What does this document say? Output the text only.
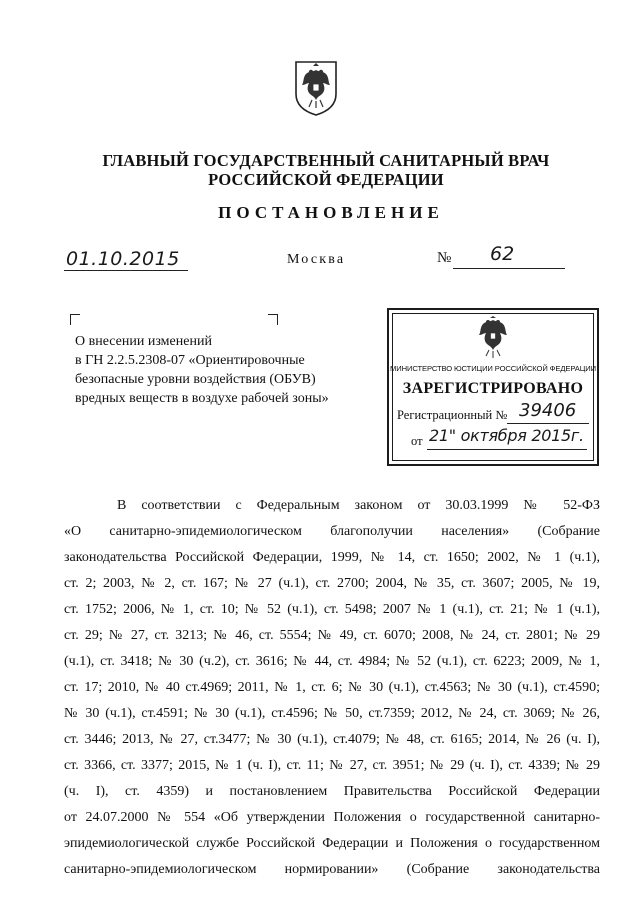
ГЛАВНЫЙ ГОСУДАРСТВЕННЫЙ САНИТАРНЫЙ ВРАЧ
РОССИЙСКОЙ ФЕДЕРАЦИИ
ПОСТАНОВЛЕНИЕ
01.10.2015	Москва	№ 62
О внесении изменений
в ГН 2.2.5.2308-07 «Ориентировочные
безопасные уровни воздействия (ОБУВ)
вредных веществ в воздухе рабочей зоны»
МИНИСТЕРСТВО ЮСТИЦИИ РОССИЙСКОЙ ФЕДЕРАЦИИ
ЗАРЕГИСТРИРОВАНО
Регистрационный № 39406
от 21" октября 2015г.
В соответствии с Федеральным законом от 30.03.1999 № 52-ФЗ
«О санитарно-эпидемиологическом благополучии населения» (Собрание
законодательства Российской Федерации, 1999, № 14, ст. 1650; 2002, № 1 (ч.1),
ст. 2; 2003, № 2, ст. 167; № 27 (ч.1), ст. 2700; 2004, № 35, ст. 3607; 2005, № 19,
ст. 1752; 2006, № 1, ст. 10; № 52 (ч.1), ст. 5498; 2007 № 1 (ч.1), ст. 21; № 1 (ч.1),
ст. 29; № 27, ст. 3213; № 46, ст. 5554; № 49, ст. 6070; 2008, № 24, ст. 2801; № 29
(ч.1), ст. 3418; № 30 (ч.2), ст. 3616; № 44, ст. 4984; № 52 (ч.1), ст. 6223; 2009, № 1,
ст. 17; 2010, № 40 ст.4969; 2011, № 1, ст. 6; № 30 (ч.1), ст.4563; № 30 (ч.1), ст.4590;
№ 30 (ч.1), ст.4591; № 30 (ч.1), ст.4596; № 50, ст.7359; 2012, № 24, ст. 3069; № 26,
ст. 3446; 2013, № 27, ст.3477; № 30 (ч.1), ст.4079; № 48, ст. 6165; 2014, № 26 (ч. I),
ст. 3366, ст. 3377; 2015, № 1 (ч. I), ст. 11; № 27, ст. 3951; № 29 (ч. I), ст. 4339; № 29
(ч. I), ст. 4359) и постановлением Правительства Российской Федерации
от 24.07.2000 № 554 «Об утверждении Положения о государственной санитарно-
эпидемиологической службе Российской Федерации и Положения о государственном
санитарно-эпидемиологическом нормировании» (Собрание законодательства
